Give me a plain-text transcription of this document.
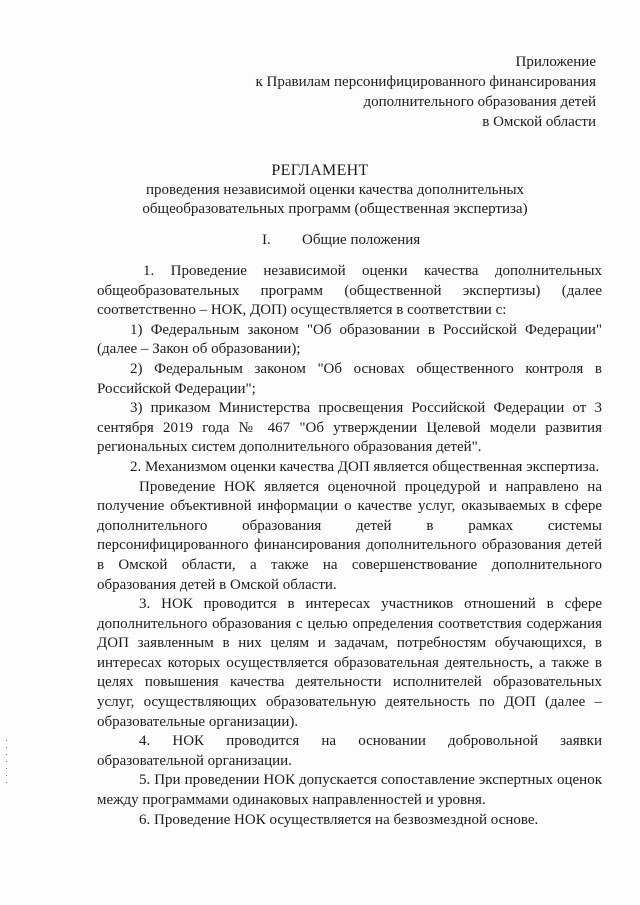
Приложение
к Правилам персонифицированного финансирования
дополнительного образования детей
в Омской области
РЕГЛАМЕНТ
проведения независимой оценки качества дополнительных
общеобразовательных программ (общественная экспертиза)
I. Общие положения

1. Проведение независимой оценки качества дополнительных общеобразовательных программ (общественной экспертизы) (далее соответственно – НОК, ДОП) осуществляется в соответствии с:

1) Федеральным законом "Об образовании в Российской Федерации" (далее – Закон об образовании);

2) Федеральным законом "Об основах общественного контроля в Российской Федерации";

3) приказом Министерства просвещения Российской Федерации от 3 сентября 2019 года № 467 "Об утверждении Целевой модели развития региональных систем дополнительного образования детей".

2. Механизмом оценки качества ДОП является общественная экспертиза.

Проведение НОК является оценочной процедурой и направлено на получение объективной информации о качестве услуг, оказываемых в сфере дополнительного образования детей в рамках системы персонифицированного финансирования дополнительного образования детей в Омской области, а также на совершенствование дополнительного образования детей в Омской области.

3. НОК проводится в интересах участников отношений в сфере дополнительного образования с целью определения соответствия содержания ДОП заявленным в них целям и задачам, потребностям обучающихся, в интересах которых осуществляется образовательная деятельность, а также в целях повышения качества деятельности исполнителей образовательных услуг, осуществляющих образовательную деятельность по ДОП (далее – образовательные организации).

4. НОК проводится на основании добровольной заявки образовательной организации.

5. При проведении НОК допускается сопоставление экспертных оценок между программами одинаковых направленностей и уровня.

6. Проведение НОК осуществляется на безвозмездной основе.
